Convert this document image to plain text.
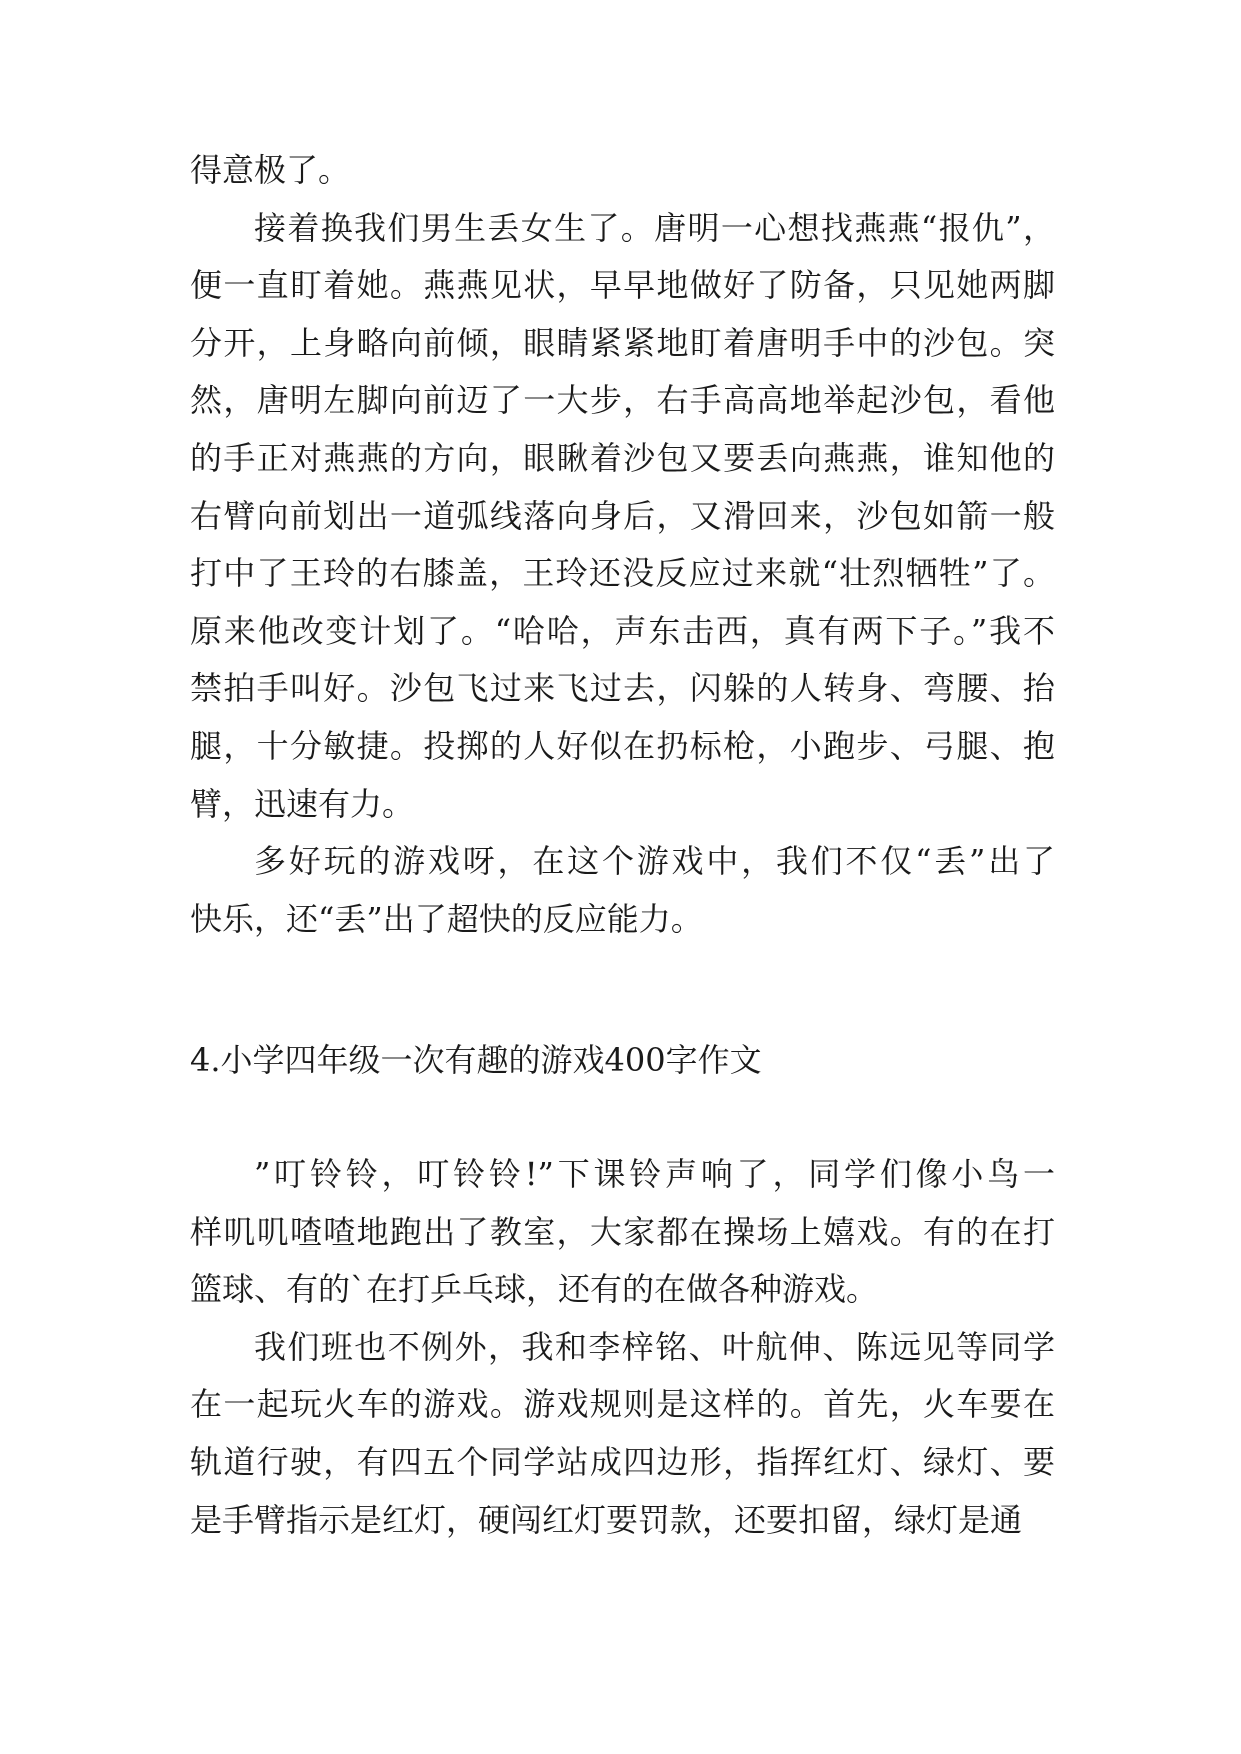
得意极了。
接着换我们男生丢女生了。唐明一心想找燕燕“报仇”，
便一直盯着她。燕燕见状，早早地做好了防备，只见她两脚
分开，上身略向前倾，眼睛紧紧地盯着唐明手中的沙包。突
然，唐明左脚向前迈了一大步，右手高高地举起沙包，看他
的手正对燕燕的方向，眼瞅着沙包又要丢向燕燕，谁知他的
右臂向前划出一道弧线落向身后，又滑回来，沙包如箭一般
打中了王玲的右膝盖，王玲还没反应过来就“壮烈牺牲”了。
原来他改变计划了。“哈哈，声东击西，真有两下子。”我不
禁拍手叫好。沙包飞过来飞过去，闪躲的人转身、弯腰、抬
腿，十分敏捷。投掷的人好似在扔标枪，小跑步、弓腿、抱
臂，迅速有力。
多好玩的游戏呀，在这个游戏中，我们不仅“丢”出了
快乐，还“丢”出了超快的反应能力。
4.小学四年级一次有趣的游戏400字作文
”叮铃铃，叮铃铃!”下课铃声响了，同学们像小鸟一
样叽叽喳喳地跑出了教室，大家都在操场上嬉戏。有的在打
篮球、有的`在打乒乓球，还有的在做各种游戏。
我们班也不例外，我和李梓铭、叶航伸、陈远见等同学
在一起玩火车的游戏。游戏规则是这样的。首先，火车要在
轨道行驶，有四五个同学站成四边形，指挥红灯、绿灯、要
是手臂指示是红灯，硬闯红灯要罚款，还要扣留，绿灯是通
